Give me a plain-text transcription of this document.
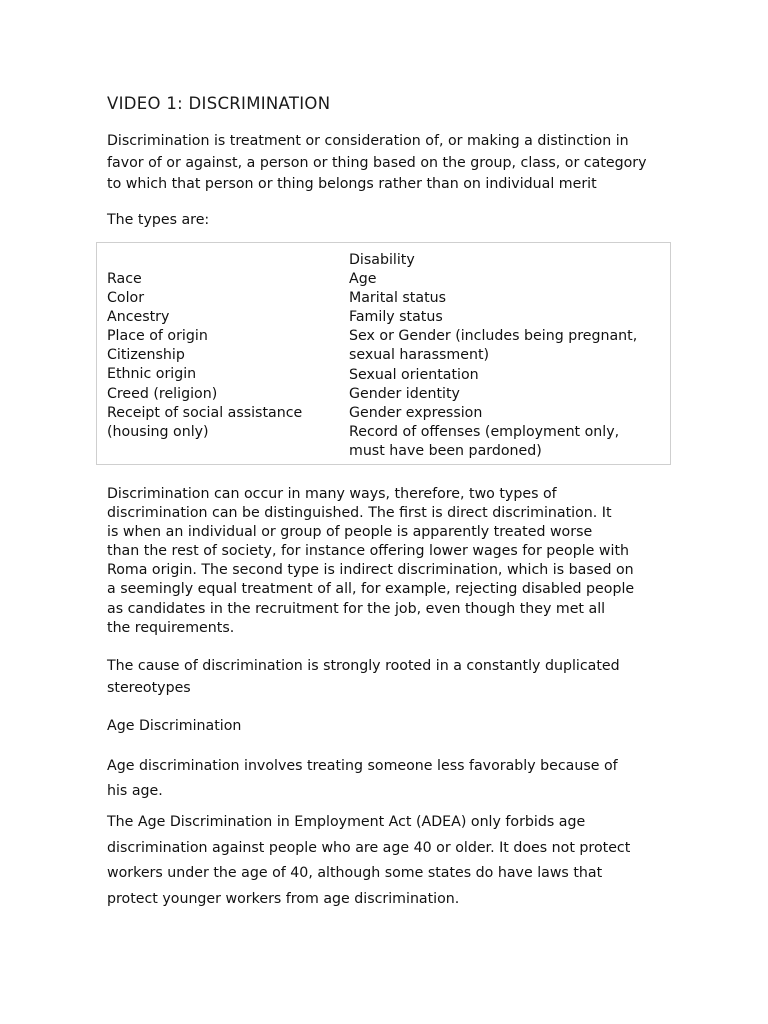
VIDEO 1: DISCRIMINATION

Discrimination is treatment or consideration of, or making a distinction in
favor of or against, a person or thing based on the group, class, or category
to which that person or thing belongs rather than on individual merit

The types are:

Race
Color
Ancestry
Place of origin
Citizenship
Ethnic origin
Creed (religion)
Receipt of social assistance
(housing only)
Disability
Age
Marital status
Family status
Sex or Gender (includes being pregnant,
sexual harassment)
Sexual orientation
Gender identity
Gender expression
Record of offenses (employment only,
must have been pardoned)

Discrimination can occur in many ways, therefore, two types of
discrimination can be distinguished. The first is direct discrimination. It
is when an individual or group of people is apparently treated worse
than the rest of society, for instance offering lower wages for people with
Roma origin. The second type is indirect discrimination, which is based on
a seemingly equal treatment of all, for example, rejecting disabled people
as candidates in the recruitment for the job, even though they met all
the requirements.

The cause of discrimination is strongly rooted in a constantly duplicated
stereotypes

Age Discrimination

Age discrimination involves treating someone less favorably because of
his age.

The Age Discrimination in Employment Act (ADEA) only forbids age
discrimination against people who are age 40 or older. It does not protect
workers under the age of 40, although some states do have laws that
protect younger workers from age discrimination.
